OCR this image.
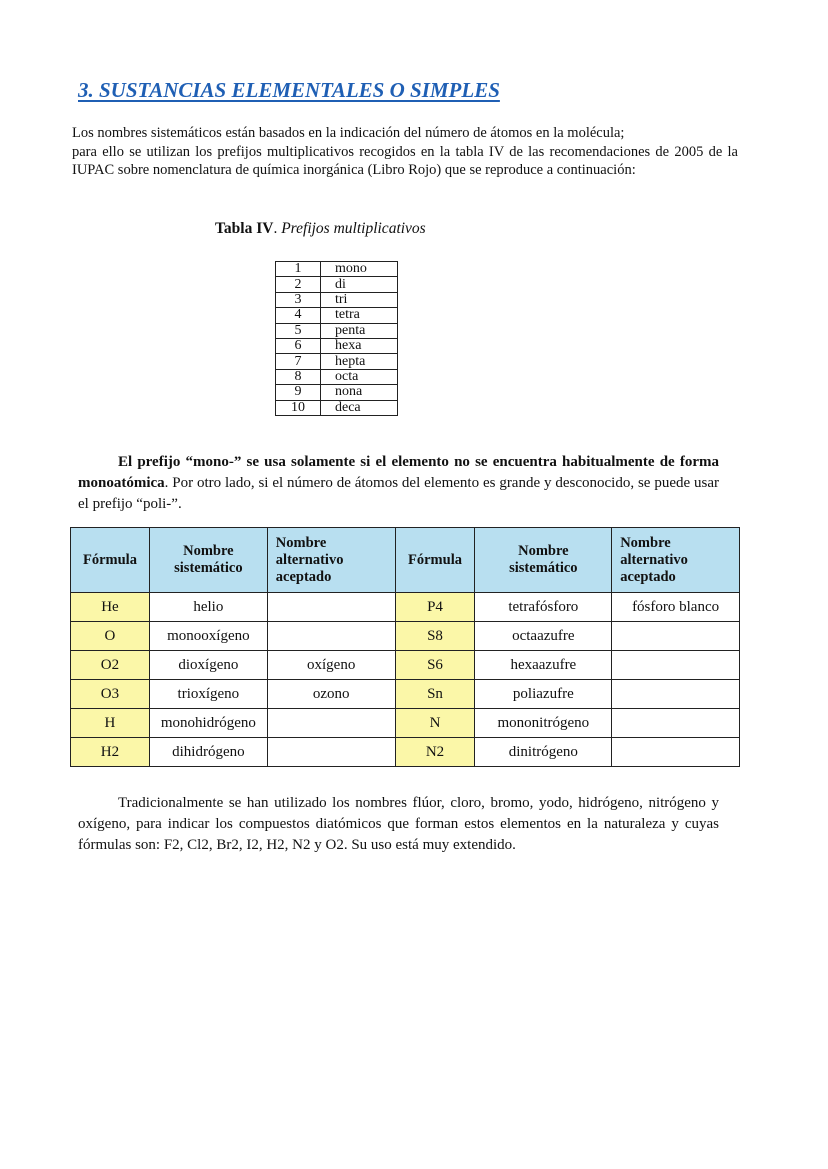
3. SUSTANCIAS ELEMENTALES O SIMPLES

Los nombres sistemáticos están basados en la indicación del número de átomos en la molécula;
para ello se utilizan los prefijos multiplicativos recogidos en la tabla IV de las recomendaciones de 2005 de la IUPAC sobre nomenclatura de química inorgánica (Libro Rojo) que se reproduce a continuación:

Tabla IV. Prefijos multiplicativos
1	mono
2	di
3	tri
4	tetra
5	penta
6	hexa
7	hepta
8	octa
9	nona
10	deca

El prefijo “mono-” se usa solamente si el elemento no se encuentra habitualmente de forma monoatómica. Por otro lado, si el número de átomos del elemento es grande y desconocido, se puede usar el prefijo “poli-”.

Fórmula	Nombre sistemático	Nombre alternativo aceptado	Fórmula	Nombre sistemático	Nombre alternativo aceptado
He	helio		P4	tetrafósforo	fósforo blanco
O	monooxígeno		S8	octaazufre	
O2	dioxígeno	oxígeno	S6	hexaazufre	
O3	trioxígeno	ozono	Sn	poliazufre	
H	monohidrógeno		N	mononitrógeno	
H2	dihidrógeno		N2	dinitrógeno	

Tradicionalmente se han utilizado los nombres flúor, cloro, bromo, yodo, hidrógeno, nitrógeno y oxígeno, para indicar los compuestos diatómicos que forman estos elementos en la naturaleza y cuyas fórmulas son: F2, Cl2, Br2, I2, H2, N2 y O2. Su uso está muy extendido.
